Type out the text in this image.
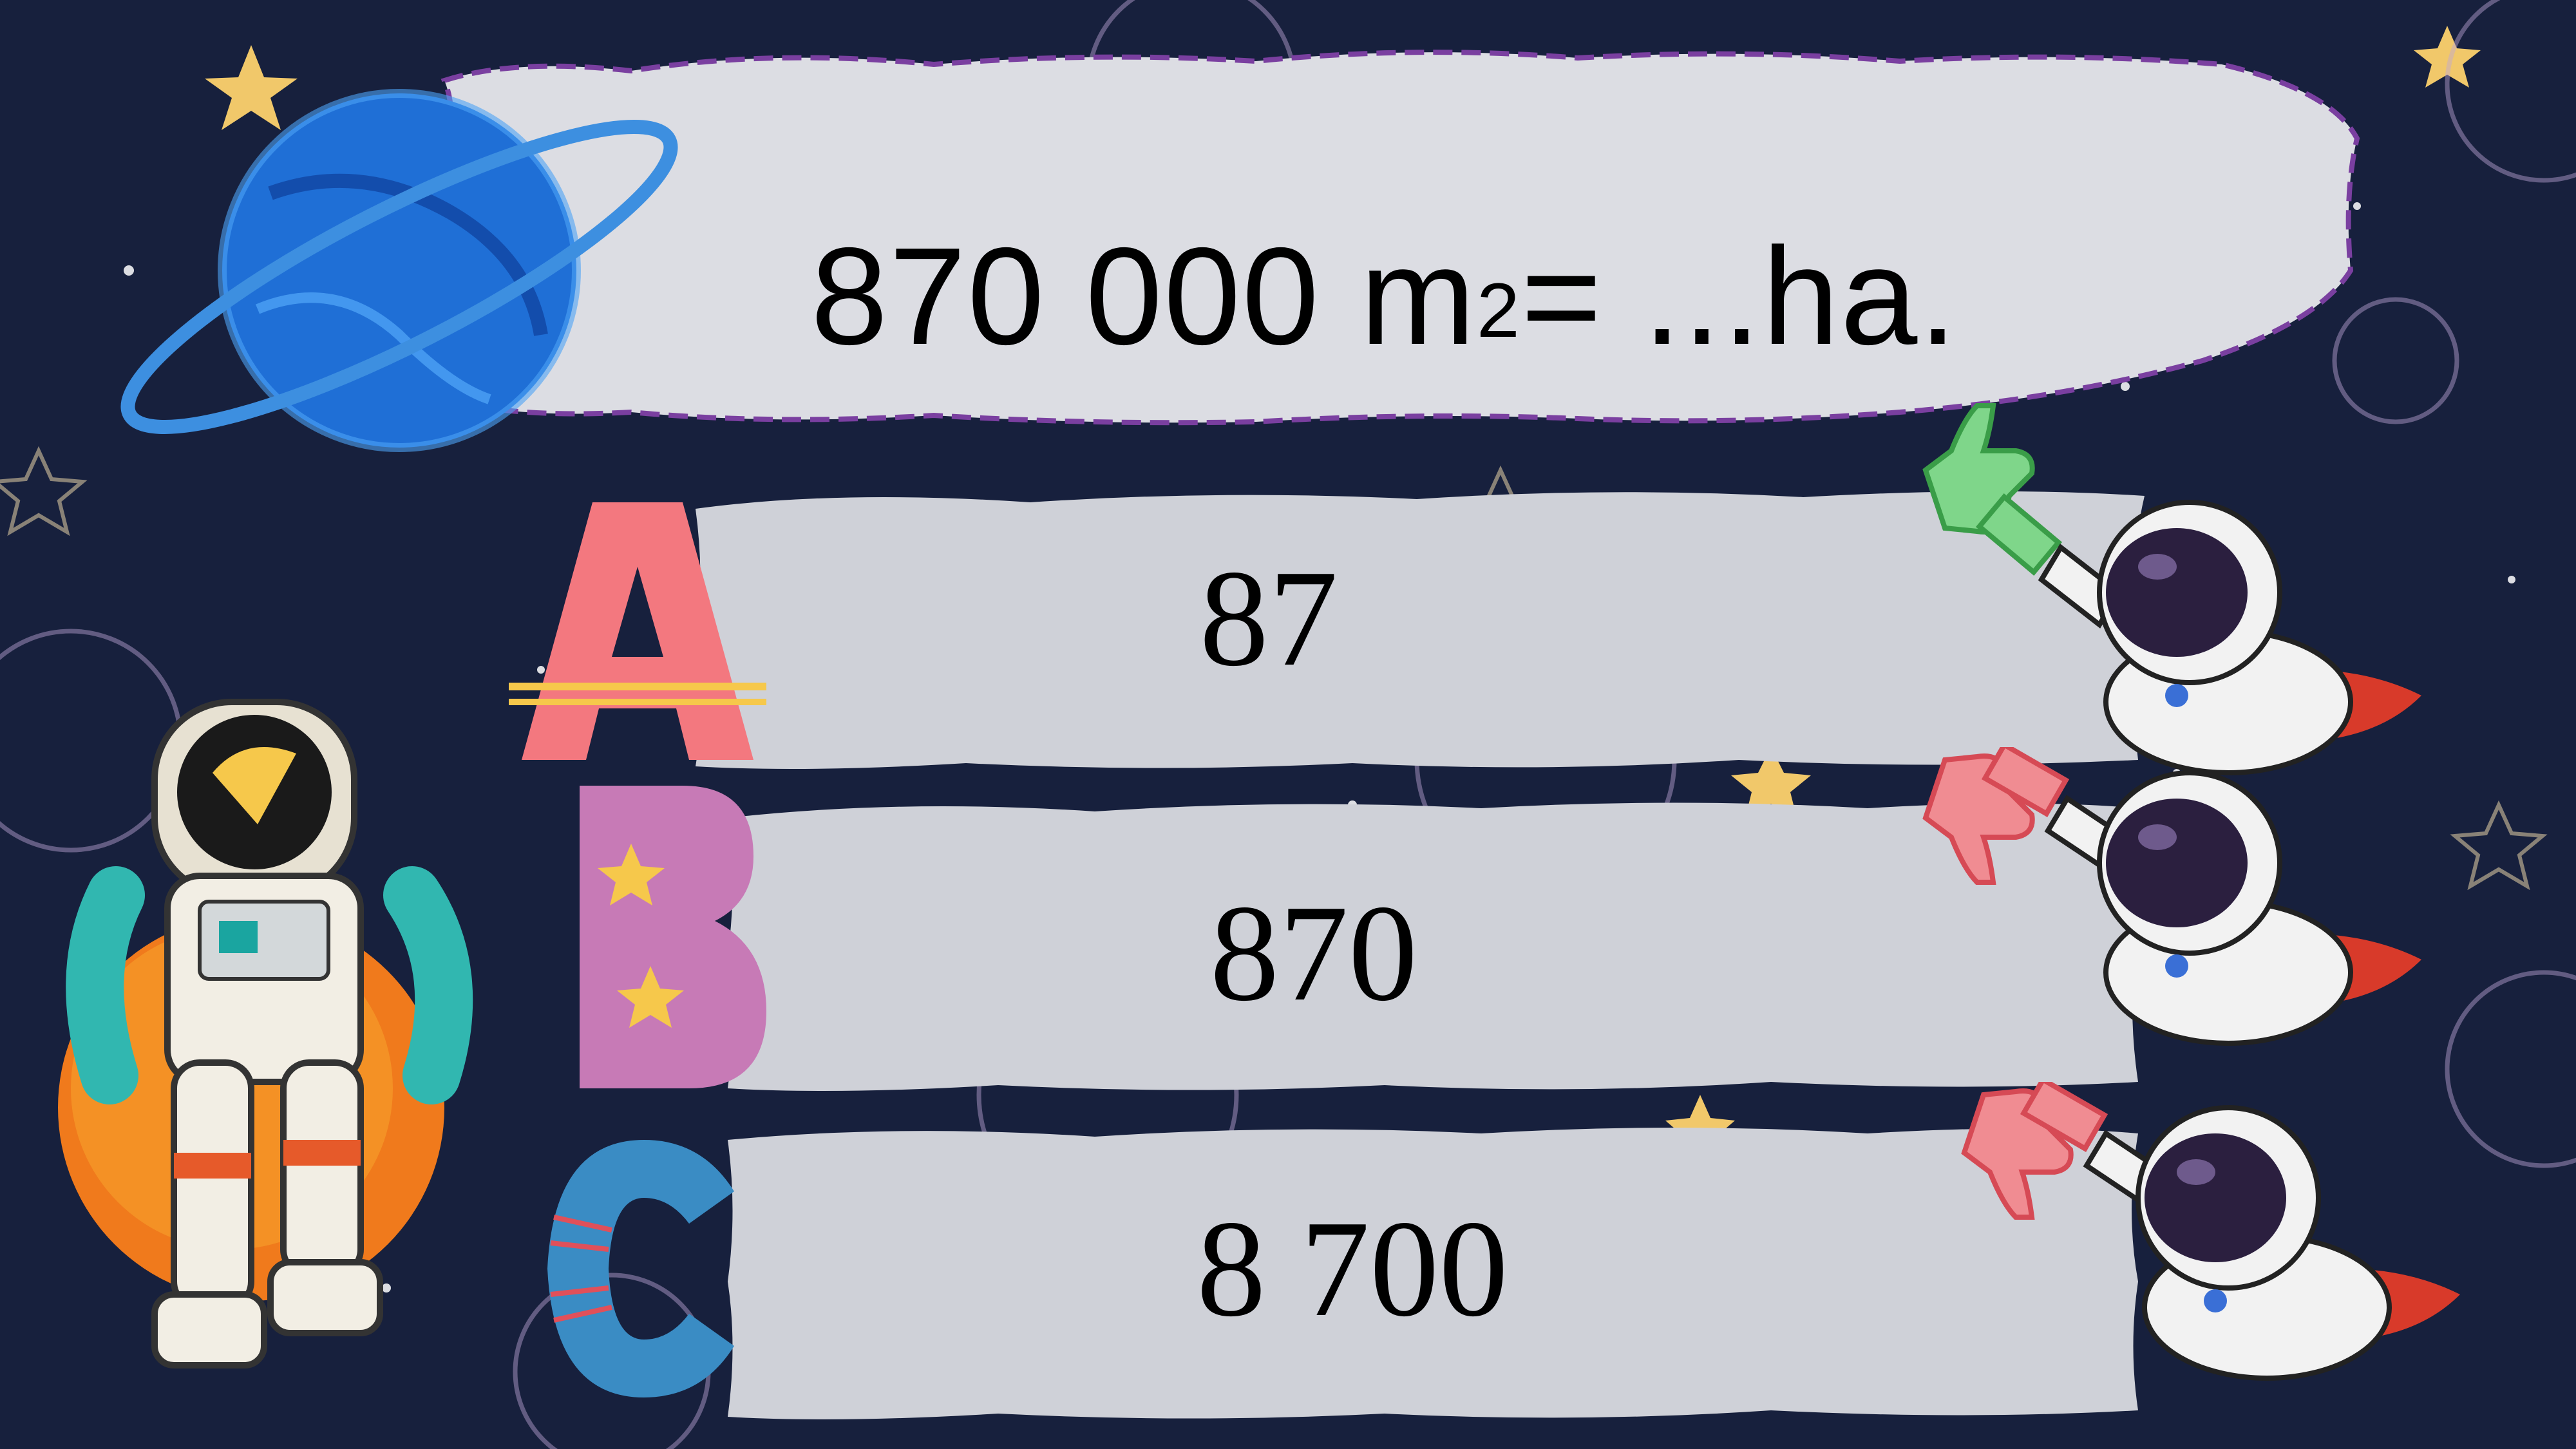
870 000 $m^2 = ...ha$.
87
870
8 700
